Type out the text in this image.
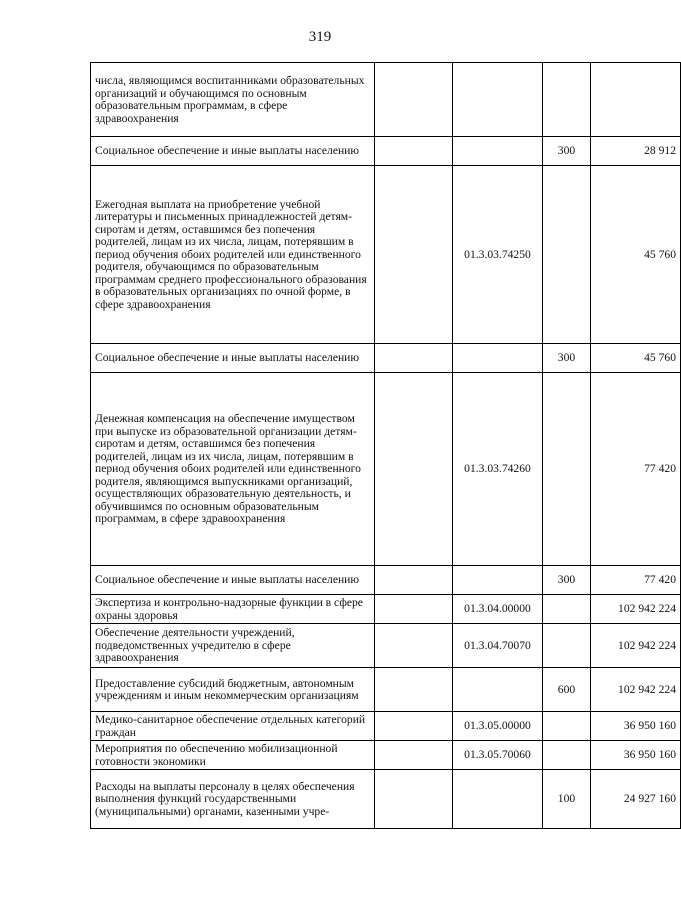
319
числа, являющимся воспитанниками образовательных организаций и обучающимся по основным образовательным программам, в сфере здравоохранения				
Социальное обеспечение и иные выплаты населению			300	28 912
Ежегодная выплата на приобретение учебной литературы и письменных принадлежностей детям-сиротам и детям, оставшимся без попечения родителей, лицам из их числа, лицам, потерявшим в период обучения обоих родителей или единственного родителя, обучающимся по образовательным программам среднего профессионального образования в образовательных организациях по очной форме, в сфере здравоохранения		01.3.03.74250		45 760
Социальное обеспечение и иные выплаты населению			300	45 760
Денежная компенсация на обеспечение имуществом при выпуске из образовательной организации детям-сиротам и детям, оставшимся без попечения родителей, лицам из их числа, лицам, потерявшим в период обучения обоих родителей или единственного родителя, являющимся выпускниками организаций, осуществляющих образовательную деятельность, и обучившимся по основным образовательным программам, в сфере здравоохранения		01.3.03.74260		77 420
Социальное обеспечение и иные выплаты населению			300	77 420
Экспертиза и контрольно-надзорные функции в сфере охраны здоровья		01.3.04.00000		102 942 224
Обеспечение деятельности учреждений, подведомственных учредителю в сфере здравоохранения		01.3.04.70070		102 942 224
Предоставление субсидий бюджетным, автономным учреждениям и иным некоммерческим организациям			600	102 942 224
Медико-санитарное обеспечение отдельных категорий граждан		01.3.05.00000		36 950 160
Мероприятия по обеспечению мобилизационной готовности экономики		01.3.05.70060		36 950 160
Расходы на выплаты персоналу в целях обеспечения выполнения функций государственными (муниципальными) органами, казенными учре-			100	24 927 160
